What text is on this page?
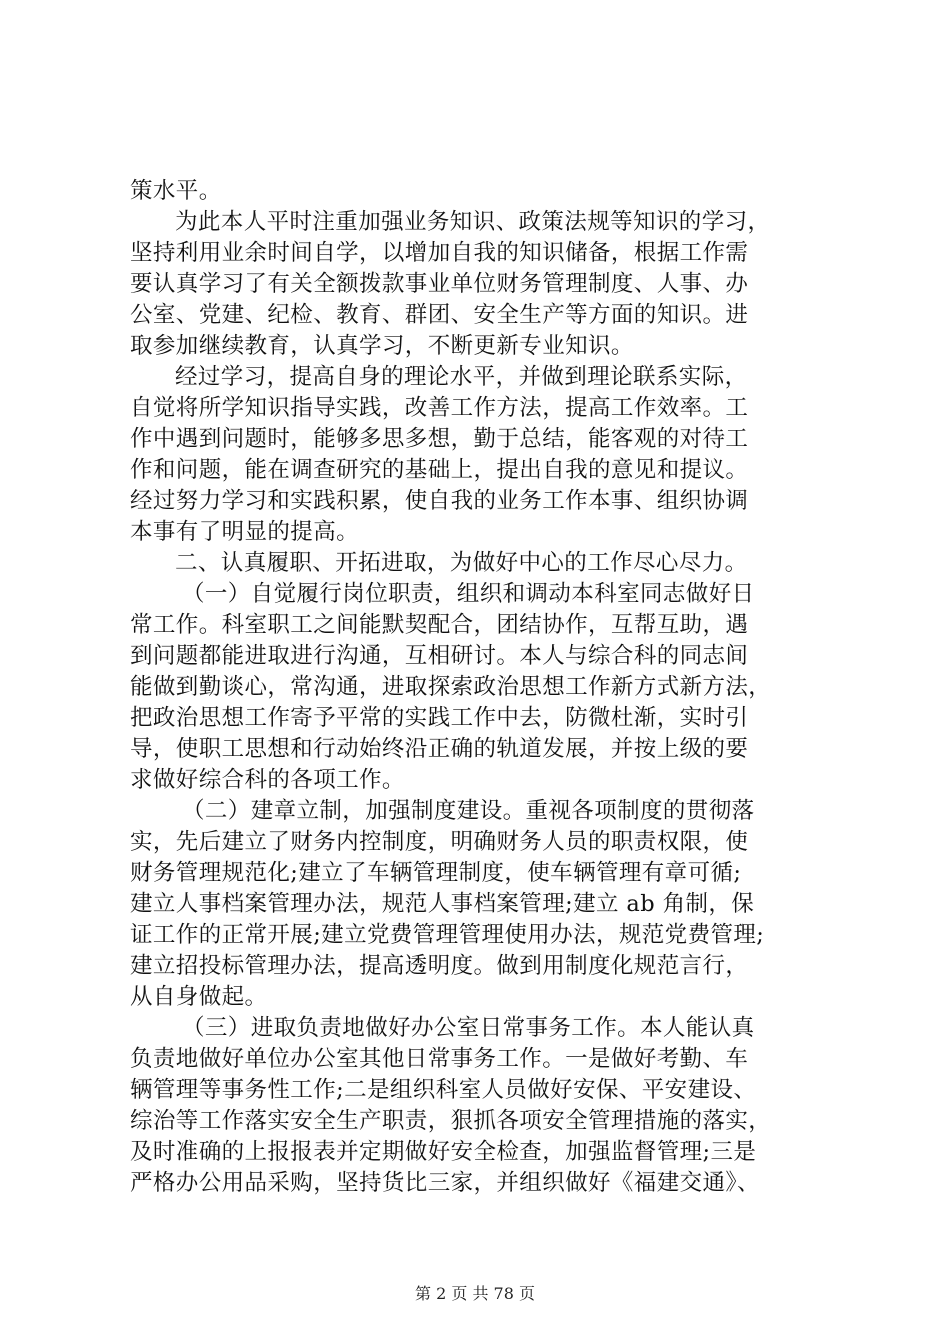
策水平。
为此本人平时注重加强业务知识、政策法规等知识的学习，
坚持利用业余时间自学，以增加自我的知识储备，根据工作需
要认真学习了有关全额拨款事业单位财务管理制度、人事、办
公室、党建、纪检、教育、群团、安全生产等方面的知识。进
取参加继续教育，认真学习，不断更新专业知识。
经过学习，提高自身的理论水平，并做到理论联系实际，
自觉将所学知识指导实践，改善工作方法，提高工作效率。工
作中遇到问题时，能够多思多想，勤于总结，能客观的对待工
作和问题，能在调查研究的基础上，提出自我的意见和提议。
经过努力学习和实践积累，使自我的业务工作本事、组织协调
本事有了明显的提高。
二、认真履职、开拓进取，为做好中心的工作尽心尽力。
（一）自觉履行岗位职责，组织和调动本科室同志做好日
常工作。科室职工之间能默契配合，团结协作，互帮互助，遇
到问题都能进取进行沟通，互相研讨。本人与综合科的同志间
能做到勤谈心，常沟通，进取探索政治思想工作新方式新方法，
把政治思想工作寄予平常的实践工作中去，防微杜渐，实时引
导，使职工思想和行动始终沿正确的轨道发展，并按上级的要
求做好综合科的各项工作。
（二）建章立制，加强制度建设。重视各项制度的贯彻落
实，先后建立了财务内控制度，明确财务人员的职责权限，使
财务管理规范化;建立了车辆管理制度，使车辆管理有章可循;
建立人事档案管理办法，规范人事档案管理;建立 ab 角制，保
证工作的正常开展;建立党费管理管理使用办法，规范党费管理;
建立招投标管理办法，提高透明度。做到用制度化规范言行，
从自身做起。
（三）进取负责地做好办公室日常事务工作。本人能认真
负责地做好单位办公室其他日常事务工作。一是做好考勤、车
辆管理等事务性工作;二是组织科室人员做好安保、平安建设、
综治等工作落实安全生产职责，狠抓各项安全管理措施的落实，
及时准确的上报报表并定期做好安全检查，加强监督管理;三是
严格办公用品采购，坚持货比三家，并组织做好《福建交通》、
第 2 页 共 78 页
